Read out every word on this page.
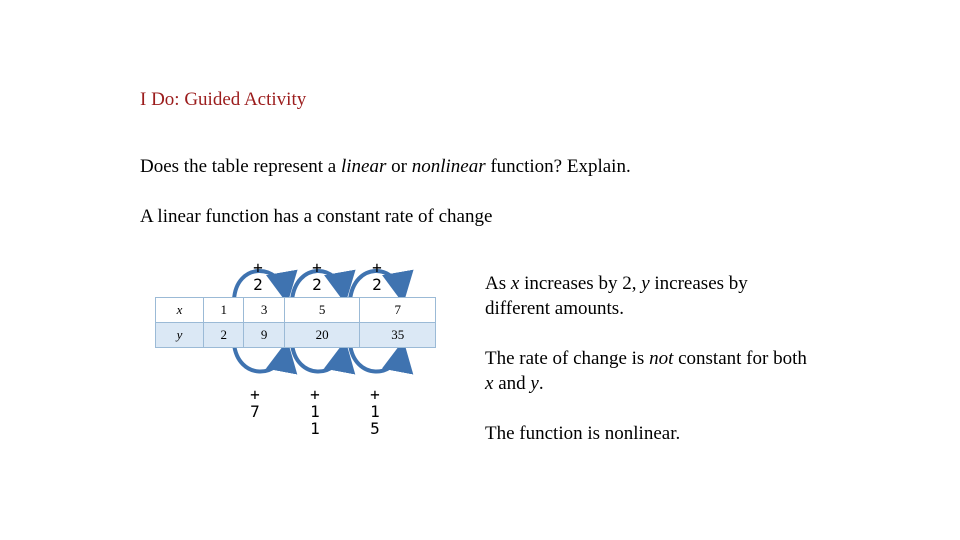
I Do: Guided Activity
Does the table represent a linear or nonlinear function? Explain.
A linear function has a constant rate of change
+
2
+
2
+
2
x	1	3	5	7
y	2	9	20	35
+
7
+
1
1
+
1
5
As x increases by 2, y increases by different amounts.
The rate of change is not constant for both x and y.
The function is nonlinear.
